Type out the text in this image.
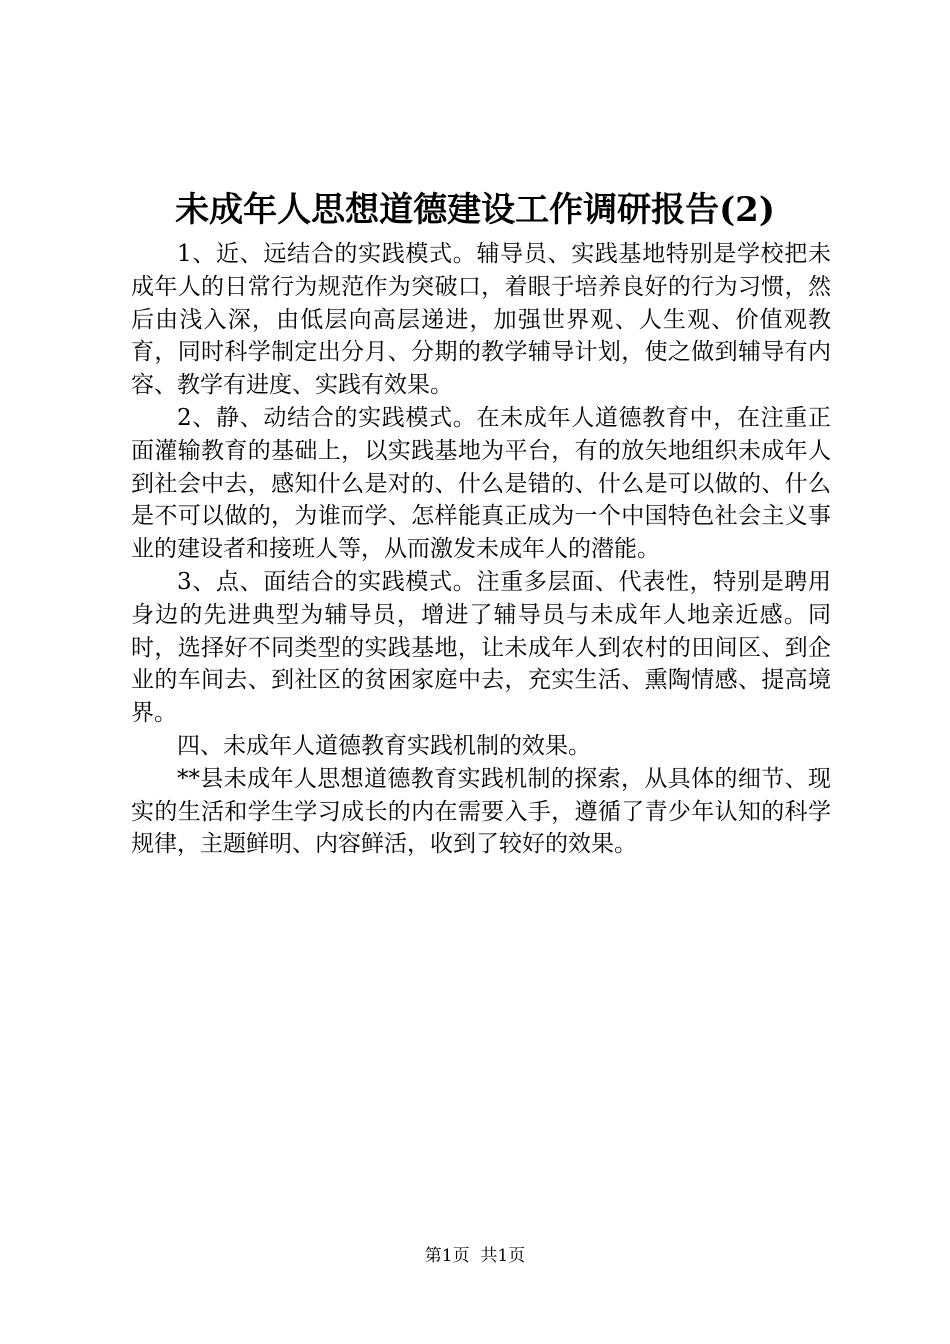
未成年人思想道德建设工作调研报告(2)

1、近、远结合的实践模式。辅导员、实践基地特别是学校把未成年人的日常行为规范作为突破口，着眼于培养良好的行为习惯，然后由浅入深，由低层向高层递进，加强世界观、人生观、价值观教育，同时科学制定出分月、分期的教学辅导计划，使之做到辅导有内容、教学有进度、实践有效果。

2、静、动结合的实践模式。在未成年人道德教育中，在注重正面灌输教育的基础上，以实践基地为平台，有的放矢地组织未成年人到社会中去，感知什么是对的、什么是错的、什么是可以做的、什么是不可以做的，为谁而学、怎样能真正成为一个中国特色社会主义事业的建设者和接班人等，从而激发未成年人的潜能。

3、点、面结合的实践模式。注重多层面、代表性，特别是聘用身边的先进典型为辅导员，增进了辅导员与未成年人地亲近感。同时，选择好不同类型的实践基地，让未成年人到农村的田间区、到企业的车间去、到社区的贫困家庭中去，充实生活、熏陶情感、提高境界。

四、未成年人道德教育实践机制的效果。

**县未成年人思想道德教育实践机制的探索，从具体的细节、现实的生活和学生学习成长的内在需要入手，遵循了青少年认知的科学规律，主题鲜明、内容鲜活，收到了较好的效果。

第1页  共1页
